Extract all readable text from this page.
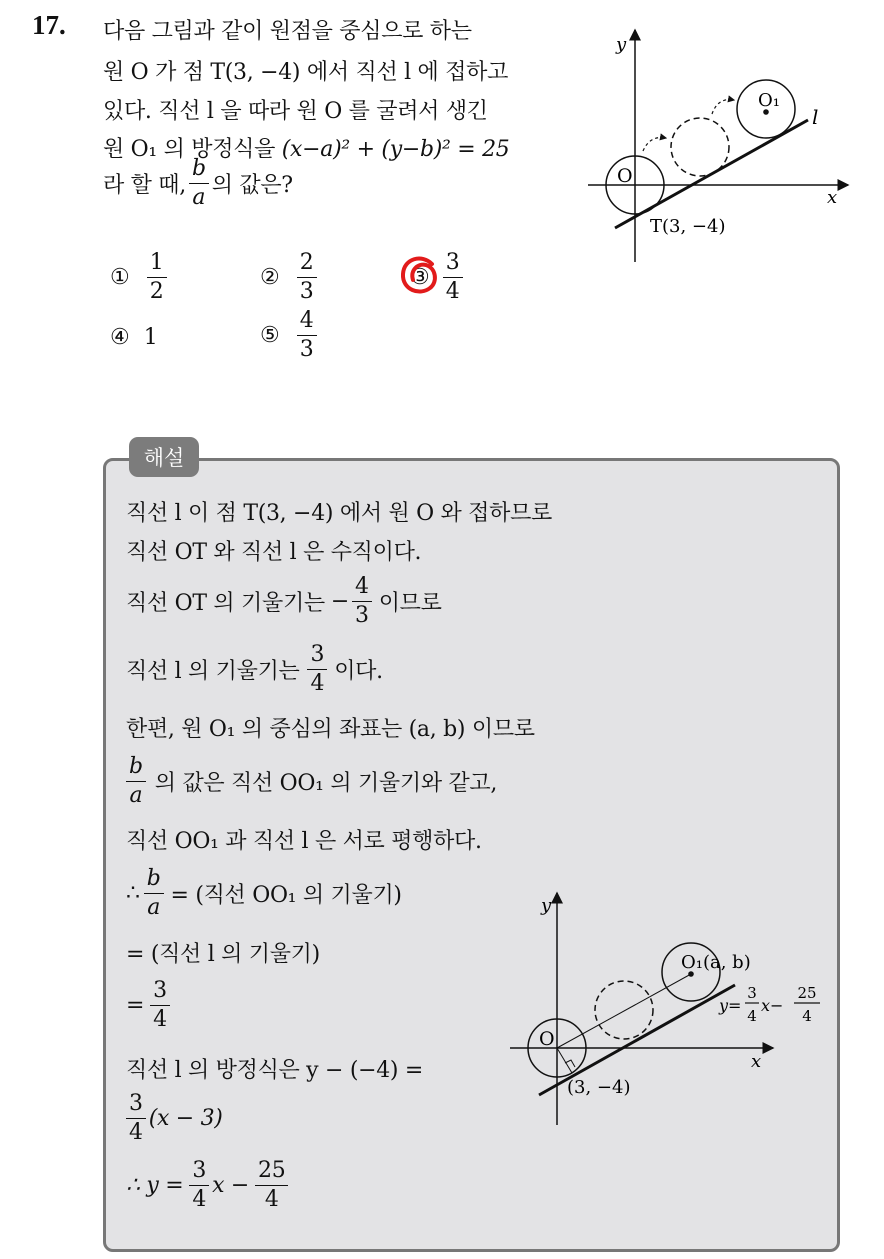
17. 다음 그림과 같이 원점을 중심으로 하는
원 O 가 점 T(3, −4) 에서 직선 l 에 접하고
있다. 직선 l 을 따라 원 O 를 굴려서 생긴
원 O₁ 의 방정식을 (x−a)² + (y−b)² = 25
라 할 때, $\frac{b}{a}$ 의 값은?
① $\frac{1}{2}$	② $\frac{2}{3}$	③ $\frac{3}{4}$
④ 1	⑤ $\frac{4}{3}$
y
x
O
O₁
l
T(3, −4)
해설
직선 l 이 점 T(3, −4) 에서 원 O 와 접하므로
직선 OT 와 직선 l 은 수직이다.
직선 OT 의 기울기는 − $\frac{4}{3}$ 이므로
직선 l 의 기울기는 $\frac{3}{4}$ 이다.
한편, 원 O₁ 의 중심의 좌표는 (a, b) 이므로
$\frac{b}{a}$ 의 값은 직선 OO₁ 의 기울기와 같고,
직선 OO₁ 과 직선 l 은 서로 평행하다.
∴ $\frac{b}{a}$ = (직선 OO₁ 의 기울기)
= (직선 l 의 기울기)
= $\frac{3}{4}$
직선 l 의 방정식은 y − (−4) =
$\frac{3}{4} (x - 3)$
∴ $y = \frac{3}{4}$ $x - \frac{25}{4}$
y
x
O
O₁(a, b)
(3, −4)
y=
3
4
x−
25
4
